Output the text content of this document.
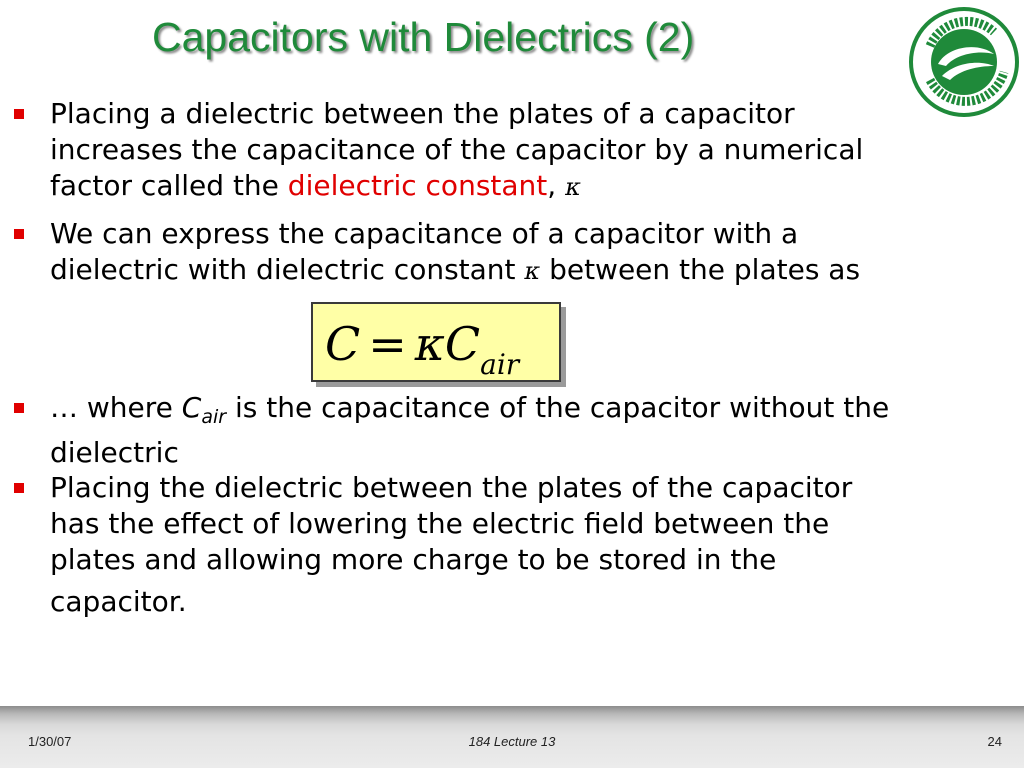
Capacitors with Dielectrics (2)
Placing a dielectric between the plates of a capacitor
increases the capacitance of the capacitor by a numerical
factor called the dielectric constant, κ
We can express the capacitance of a capacitor with a
dielectric with dielectric constant κ between the plates as
… where $C_{air}$ is the capacitance of the capacitor without the
dielectric
Placing the dielectric between the plates of the capacitor
has the effect of lowering the electric field between the
plates and allowing more charge to be stored in the
capacitor.
$C = \kappa C_{air}$
1/30/07	184 Lecture 13	24
